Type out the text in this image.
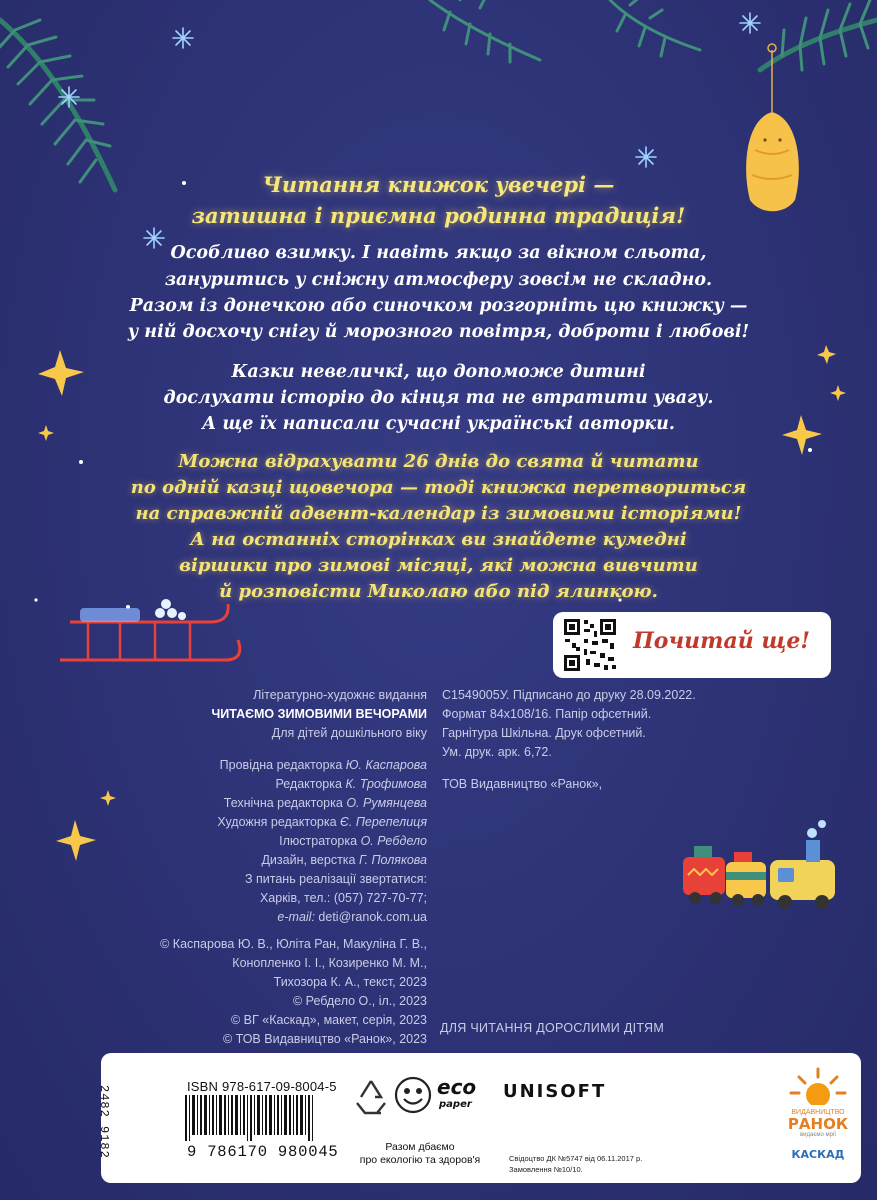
Читання книжок увечері —
затишна і приємна родинна традиція!
Особливо взимку. І навіть якщо за вікном сльота,
зануритись у сніжну атмосферу зовсім не складно.
Разом із донечкою або синочком розгорніть цю книжку —
у ній досхочу снігу й морозного повітря, доброти і любові!
Казки невеличкі, що допоможе дитині
дослухати історію до кінця та не втратити увагу.
А ще їх написали сучасні українські авторки.
Можна відрахувати 26 днів до свята й читати
по одній казці щовечора — тоді книжка перетвориться
на справжній адвент-календар із зимовими історіями!
А на останніх сторінках ви знайдете кумедні
віршики про зимові місяці, які можна вивчити
й розповісти Миколаю або під ялинкою.
Почитай ще!
Літературно-художнє видання
ЧИТАЄМО ЗИМОВИМИ ВЕЧОРАМИ
Для дітей дошкільного віку
Провідна редакторка Ю. Каспарова
Редакторка К. Трофимова
Технічна редакторка О. Румянцева
Художня редакторка Є. Перепелиця
Ілюстраторка О. Ребдело
Дизайн, верстка Г. Полякова
З питань реалізації звертатися:
Харків, тел.: (057) 727-70-77;
e-mail: deti@ranok.com.ua
© Каспарова Ю. В., Юліта Ран, Макуліна Г. В.,
Конопленко І. І., Козиренко М. М.,
Тихозора К. А., текст, 2023
© Ребдело О., іл., 2023
© ВГ «Каскад», макет, серія, 2023
© ТОВ Видавництво «Ранок», 2023
С1549005У. Підписано до друку 28.09.2022.
Формат 84х108/16. Папір офсетний.
Гарнітура Шкільна. Друк офсетний.
Ум. друк. арк. 6,72.
ТОВ Видавництво «Ранок»,
ДЛЯ ЧИТАННЯ ДОРОСЛИМИ ДІТЯМ
2482 9182	ISBN 978-617-09-8004-5
9 786170 980045
eco
paper
Разом дбаємо
про екологію та здоров'я
UNISOFT
Свідоцтво ДК №5747 від 06.11.2017 р.
Замовлення №10/10.
ВИДАВНИЦТВО
РАНОК
видаємо мрії
КАСКАД
